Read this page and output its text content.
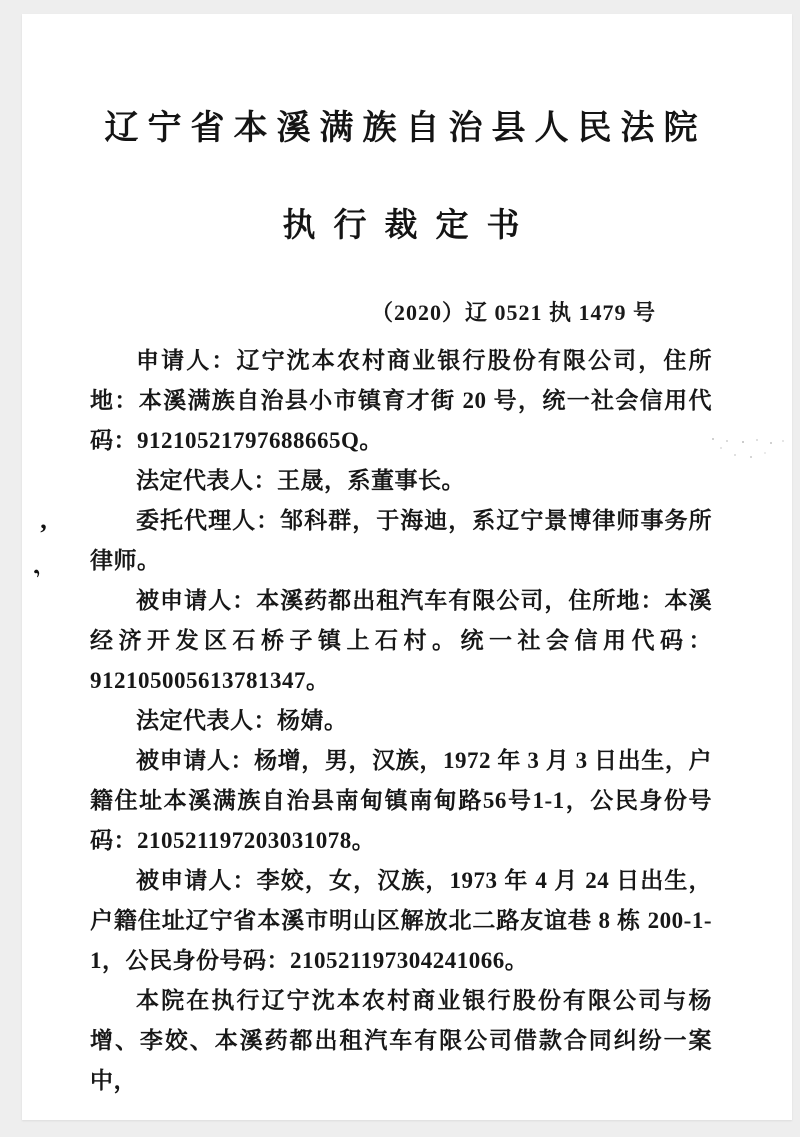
’
’
辽宁省本溪满族自治县人民法院
执行裁定书
（2020）辽 0521 执 1479 号

申请人：辽宁沈本农村商业银行股份有限公司，住所地：本溪满族自治县小市镇育才街 20 号，统一社会信用代码：91210521797688665Q。

法定代表人：王晟，系董事长。

委托代理人：邹科群，于海迪，系辽宁景博律师事务所律师。

被申请人：本溪药都出租汽车有限公司，住所地：本溪经济开发区石桥子镇上石村。统一社会信用代码：912105005613781347。

法定代表人：杨婧。

被申请人：杨增，男，汉族，1972 年 3 月 3 日出生，户籍住址本溪满族自治县南甸镇南甸路56号1-1，公民身份号码：210521197203031078。

被申请人：李姣，女，汉族，1973 年 4 月 24 日出生，户籍住址辽宁省本溪市明山区解放北二路友谊巷 8 栋 200-1-1，公民身份号码：210521197304241066。

本院在执行辽宁沈本农村商业银行股份有限公司与杨增、李姣、本溪药都出租汽车有限公司借款合同纠纷一案中，
